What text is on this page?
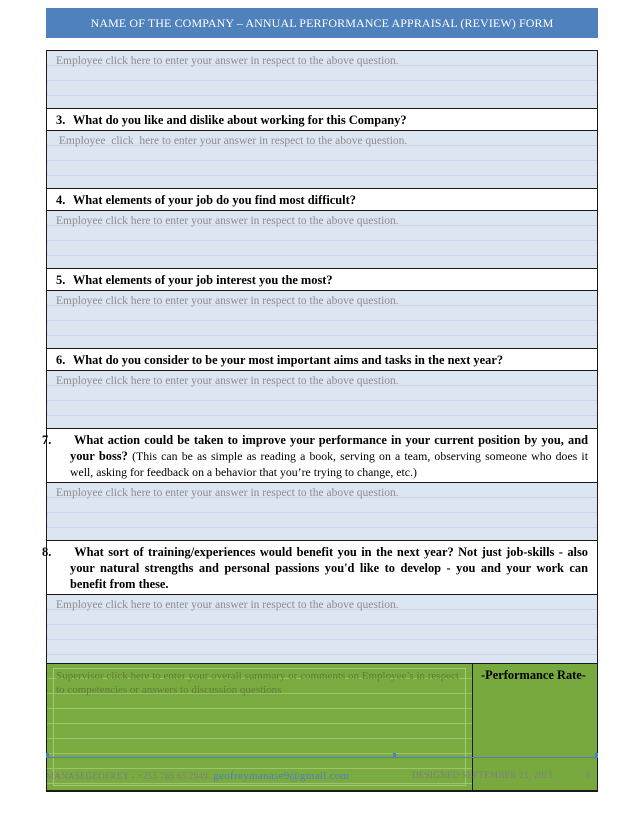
NAME OF THE COMPANY – ANNUAL PERFORMANCE APPRAISAL (REVIEW) FORM
Employee click here to enter your answer in respect to the above question.
3. What do you like and dislike about working for this Company?
Employee  click  here to enter your answer in respect to the above question.
4. What elements of your job do you find most difficult?
Employee click here to enter your answer in respect to the above question.
5. What elements of your job interest you the most?
Employee click here to enter your answer in respect to the above question.
6. What do you consider to be your most important aims and tasks in the next year?
Employee click here to enter your answer in respect to the above question.
7. What action could be taken to improve your performance in your current position by you, and your boss? (This can be as simple as reading a book, serving on a team, observing someone who does it well, asking for feedback on a behavior that you’re trying to change, etc.)
Employee click here to enter your answer in respect to the above question.
8. What sort of training/experiences would benefit you in the next year? Not just job-skills - also your natural strengths and personal passions you'd like to develop - you and your work can benefit from these.
Employee click here to enter your answer in respect to the above question.
Supervisor click here to enter your overall summary or comments on Employee’s in respect to competencies or answers to discussion questions
-Performance Rate-
MANASEGEOFREY - +255 785 65 2949. geofreymanase9@gmail.com	DESIGNED SEPTEMBER 21, 2015	9
